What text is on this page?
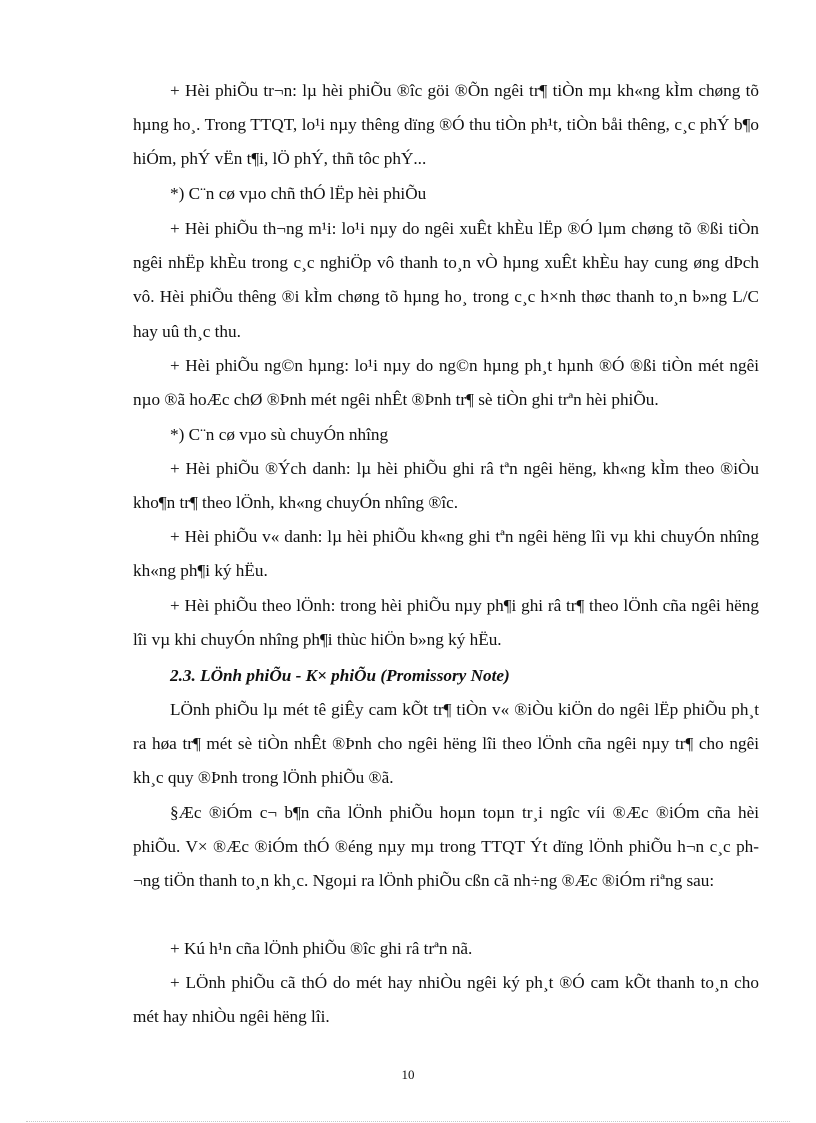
+ Hèi phiÕu tr¬n: lµ hèi phiÕu ®îc göi ®Õn ngêi tr¶ tiÒn mµ kh«ng kÌm chøng tõ hµng ho¸. Trong TTQT, lo¹i nµy thêng dïng ®Ó thu tiÒn ph¹t, tiÒn båi thêng, c¸c phÝ b¶o hiÓm, phÝ vËn t¶i, lÖ phÝ, thñ tôc phÝ...

*) C¨n cø vµo chñ thÓ lËp hèi phiÕu

+ Hèi phiÕu th¬ng m¹i: lo¹i nµy do ngêi xuÊt khÈu lËp ®Ó lµm chøng tõ ®ßi tiÒn ngêi nhËp khÈu trong c¸c nghiÖp vô thanh to¸n vÒ hµng xuÊt khÈu hay cung øng dÞch vô. Hèi phiÕu thêng ®i kÌm chøng tõ hµng ho¸ trong c¸c h×nh thøc thanh to¸n b»ng L/C hay uû th¸c thu.

+ Hèi phiÕu ng©n hµng: lo¹i nµy do ng©n hµng ph¸t hµnh ®Ó ®ßi tiÒn mét ngêi nµo ®ã hoÆc chØ ®Þnh mét ngêi nhÊt ®Þnh tr¶ sè tiÒn ghi trªn hèi phiÕu.

*) C¨n cø vµo sù chuyÓn nhîng

+ Hèi phiÕu ®Ých danh: lµ hèi phiÕu ghi râ tªn ngêi hëng, kh«ng kÌm theo ®iÒu kho¶n tr¶ theo lÖnh, kh«ng chuyÓn nhîng ®îc.

+ Hèi phiÕu v« danh: lµ hèi phiÕu kh«ng ghi tªn ngêi hëng lîi vµ khi chuyÓn nhîng kh«ng ph¶i ký hËu.

+ Hèi phiÕu theo lÖnh: trong hèi phiÕu nµy ph¶i ghi râ tr¶ theo lÖnh cña ngêi hëng lîi vµ khi chuyÓn nhîng ph¶i thùc hiÖn b»ng ký hËu.

2.3. LÖnh phiÕu - K× phiÕu (Promissory Note)

LÖnh phiÕu lµ mét tê giÊy cam kÕt tr¶ tiÒn v« ®iÒu kiÖn do ngêi lËp phiÕu ph¸t ra høa tr¶ mét sè tiÒn nhÊt ®Þnh cho ngêi hëng lîi theo lÖnh cña ngêi nµy tr¶ cho ngêi kh¸c quy ®Þnh trong lÖnh phiÕu ®ã.

§Æc ®iÓm c¬ b¶n cña lÖnh phiÕu hoµn toµn tr¸i ngîc víi ®Æc ®iÓm cña hèi phiÕu. V× ®Æc ®iÓm thÓ ®éng nµy mµ trong TTQT Ýt dïng lÖnh phiÕu h¬n c¸c ph¬ng tiÖn thanh to¸n kh¸c. Ngoµi ra lÖnh phiÕu cßn cã nh÷ng ®Æc ®iÓm riªng sau:

+ Kú h¹n cña lÖnh phiÕu ®îc ghi râ trªn nã.

+ LÖnh phiÕu cã thÓ do mét hay nhiÒu ngêi ký ph¸t ®Ó cam kÕt thanh to¸n cho mét hay nhiÒu ngêi hëng lîi.

10
